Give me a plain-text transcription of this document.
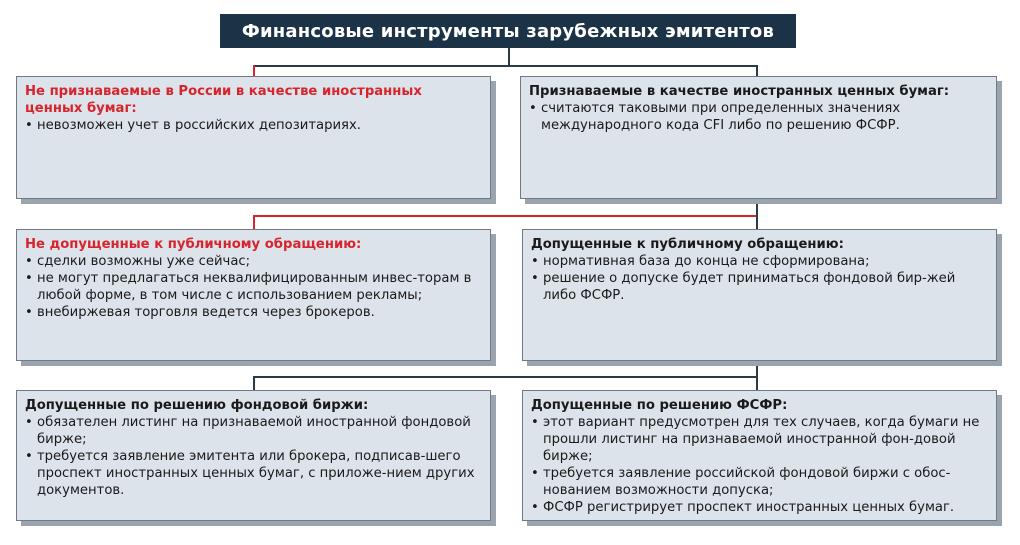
Финансовые инструменты зарубежных эмитентов
Не признаваемые в России в качестве иностранных ценных бумаг:
• невозможен учет в российских депозитариях.
Признаваемые в качестве иностранных ценных бумаг:
• считаются таковыми при определенных значениях международного кода CFI либо по решению ФСФР.
Не допущенные к публичному обращению:
• сделки возможны уже сейчас;
• не могут предлагаться неквалифицированным инвес-торам в любой форме, в том числе с использованием рекламы;
• внебиржевая торговля ведется через брокеров.
Допущенные к публичному обращению:
• нормативная база до конца не сформирована;
• решение о допуске будет приниматься фондовой бир-жей либо ФСФР.
Допущенные по решению фондовой биржи:
• обязателен листинг на признаваемой иностранной фондовой бирже;
• требуется заявление эмитента или брокера, подписав-шего проспект иностранных ценных бумаг, с приложе-нием других документов.
Допущенные по решению ФСФР:
• этот вариант предусмотрен для тех случаев, когда бумаги не прошли листинг на признаваемой иностранной фон-довой бирже;
• требуется заявление российской фондовой биржи с обос-нованием возможности допуска;
• ФСФР регистрирует проспект иностранных ценных бумаг.
